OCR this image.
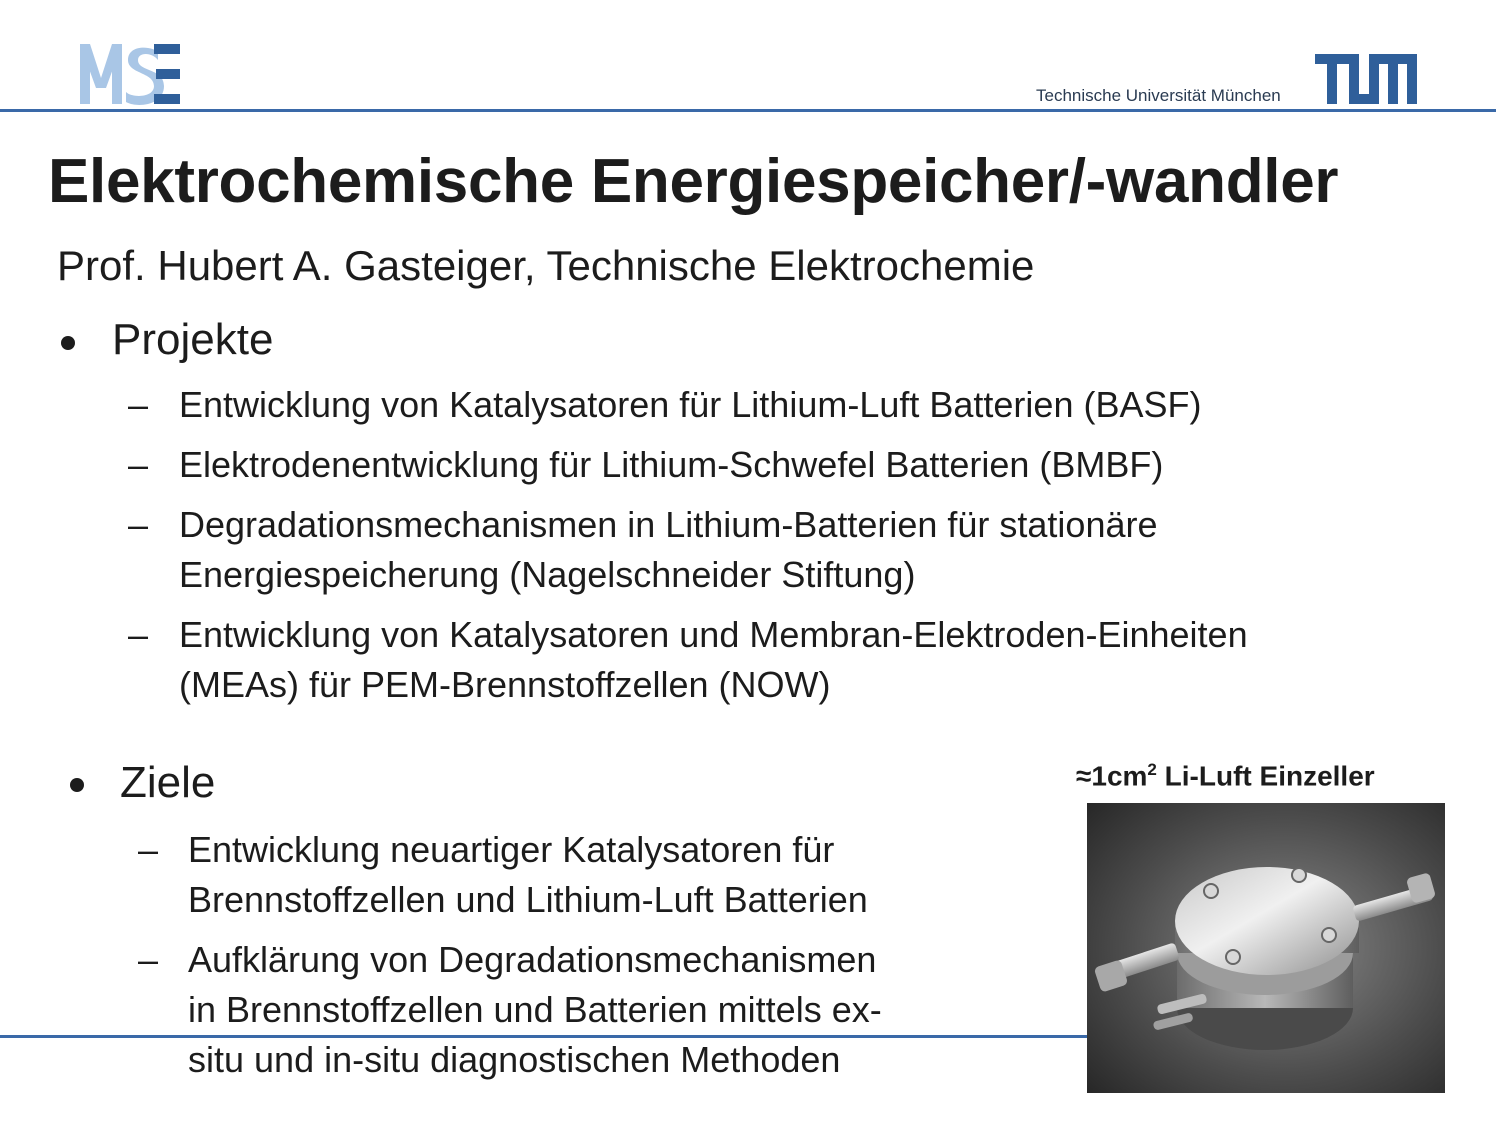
Technische Universität München
Elektrochemische Energiespeicher/-wandler
Prof. Hubert A. Gasteiger, Technische Elektrochemie
Projekte
– Entwicklung von Katalysatoren für Lithium-Luft Batterien (BASF)
– Elektrodenentwicklung für Lithium-Schwefel Batterien (BMBF)
– Degradationsmechanismen in Lithium-Batterien für stationäre
Energiespeicherung (Nagelschneider Stiftung)
– Entwicklung von Katalysatoren und Membran-Elektroden-Einheiten
(MEAs) für PEM-Brennstoffzellen (NOW)
Ziele
– Entwicklung neuartiger Katalysatoren für
Brennstoffzellen und Lithium-Luft Batterien
– Aufklärung von Degradationsmechanismen
in Brennstoffzellen und Batterien mittels ex-
situ und in-situ diagnostischen Methoden
$\approx 1cm^2$ Li-Luft Einzeller
